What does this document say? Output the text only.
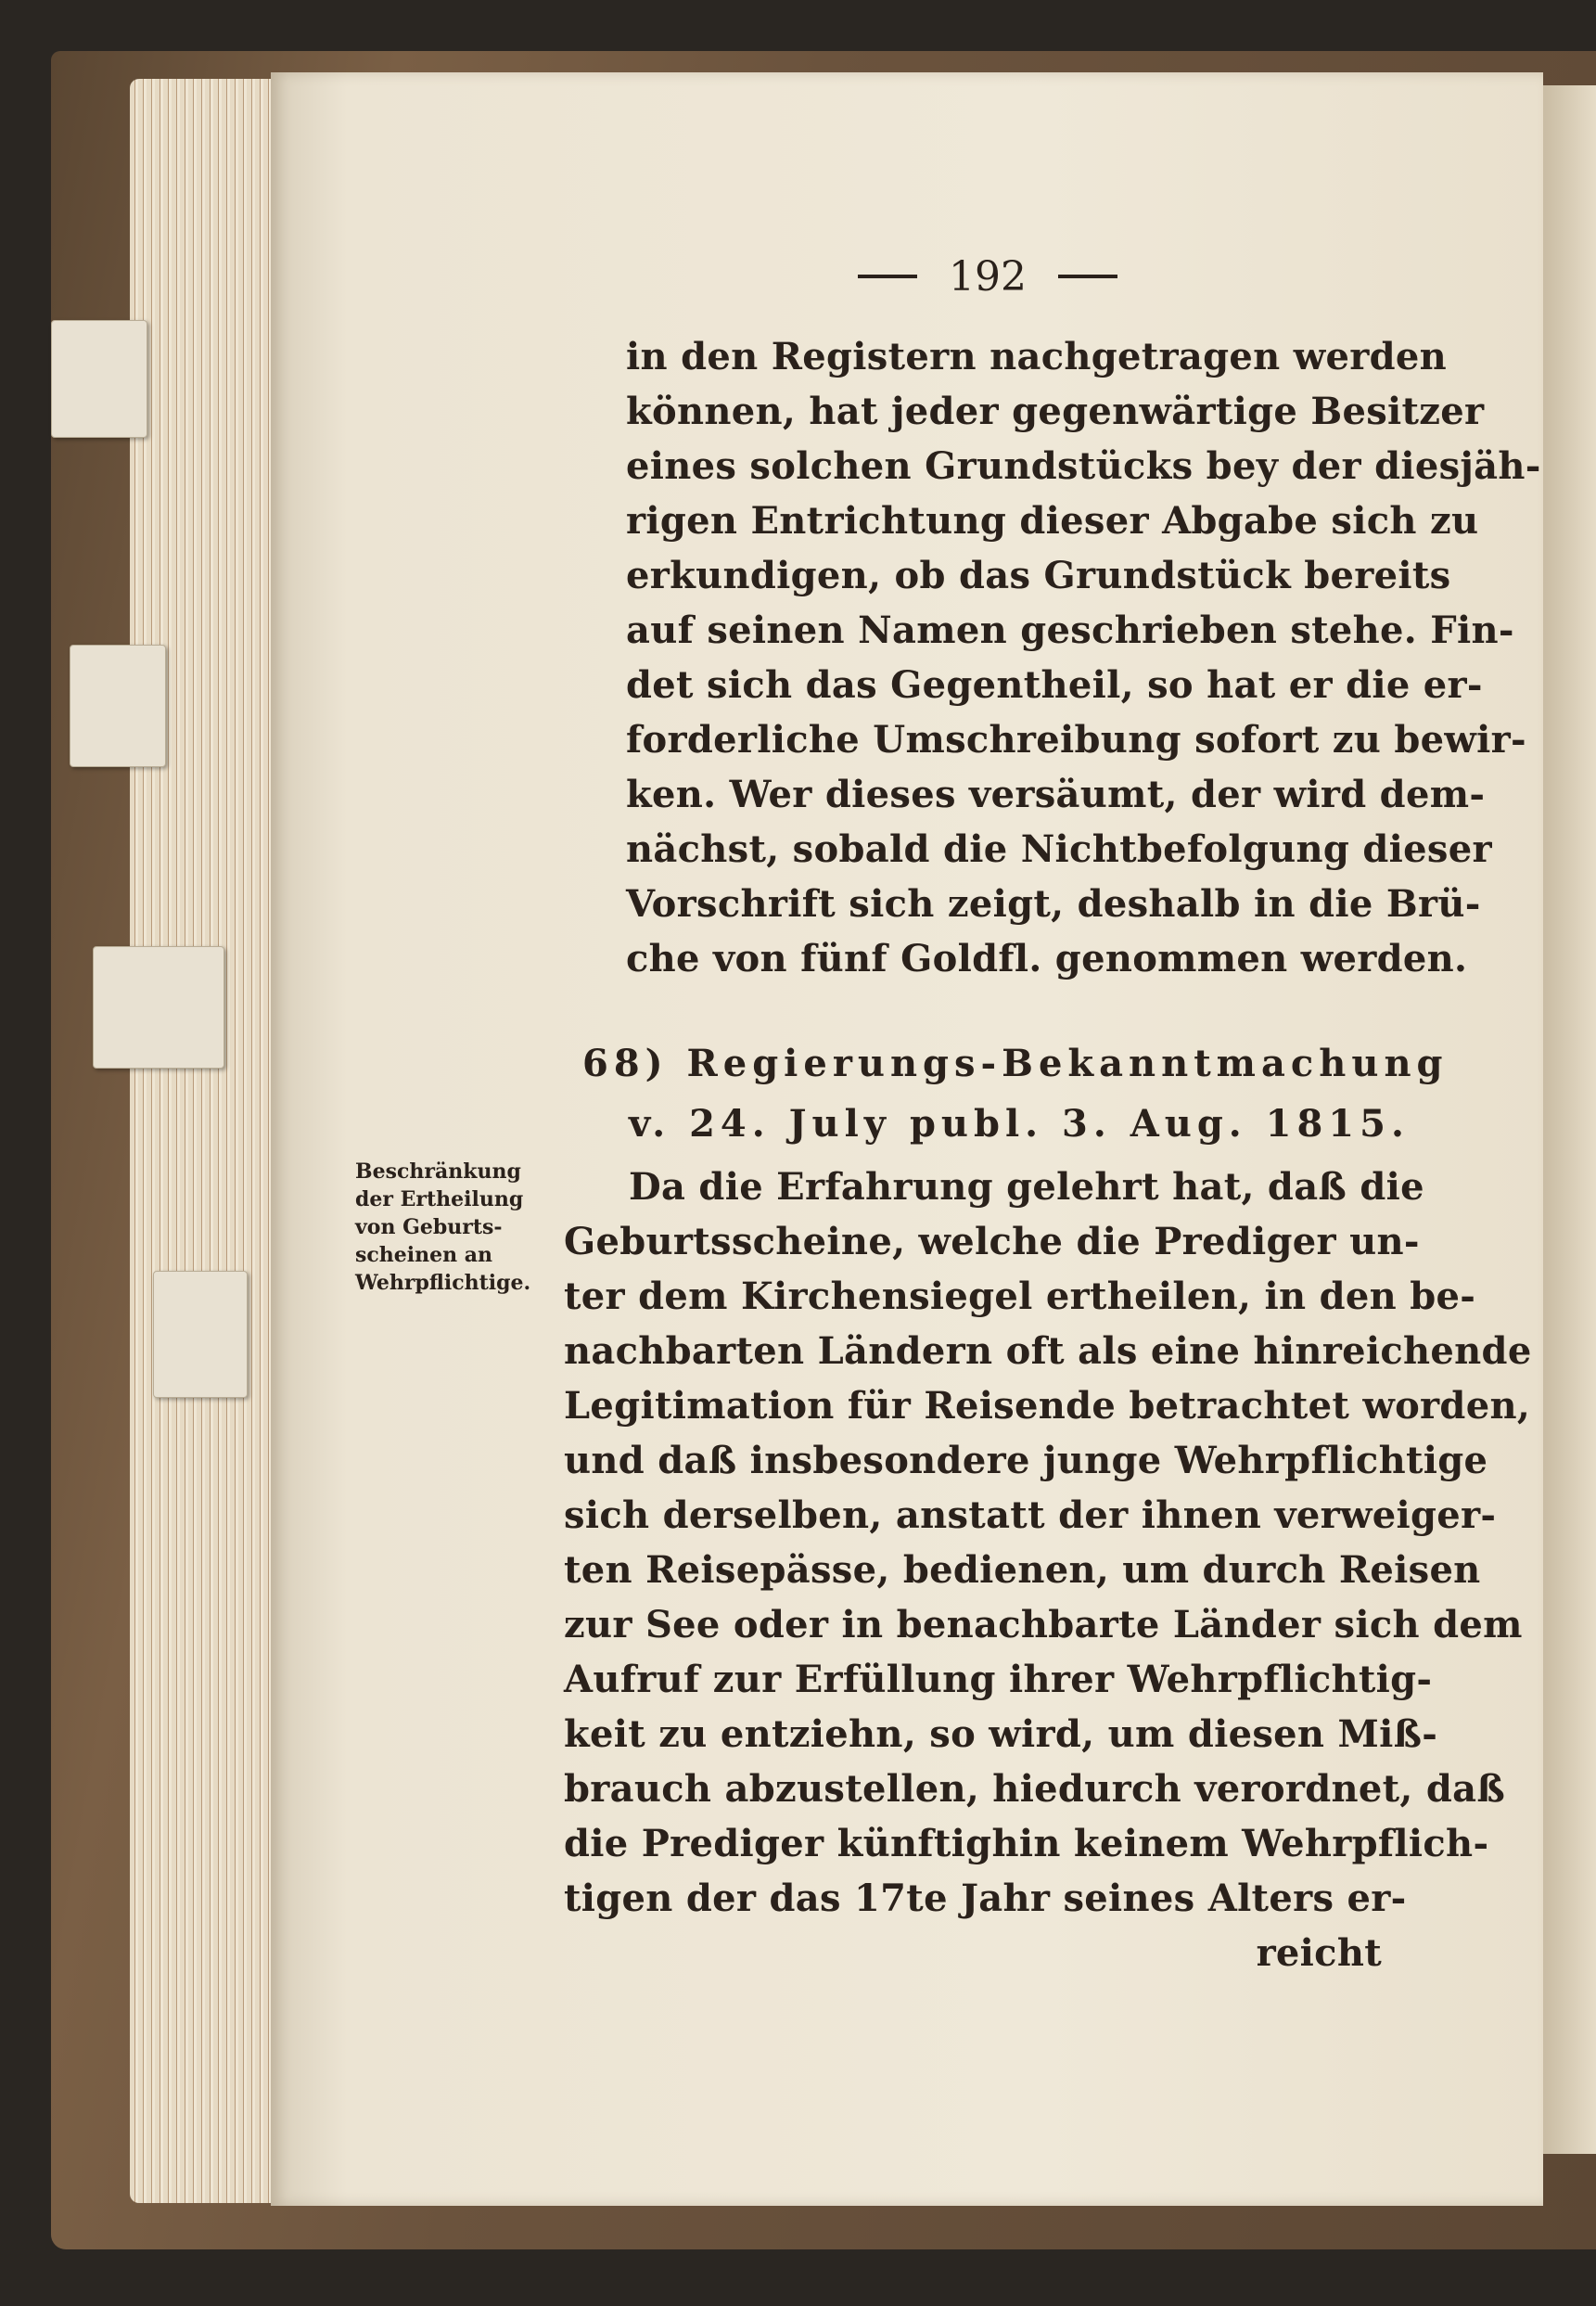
192
in den Registern nachgetragen werden
können, hat jeder gegenwärtige Besitzer
eines solchen Grundstücks bey der diesjäh-
rigen Entrichtung dieser Abgabe sich zu
erkundigen, ob das Grundstück bereits
auf seinen Namen geschrieben stehe. Fin-
det sich das Gegentheil, so hat er die er-
forderliche Umschreibung sofort zu bewir-
ken. Wer dieses versäumt, der wird dem-
nächst, sobald die Nichtbefolgung dieser
Vorschrift sich zeigt, deshalb in die Brü-
che von fünf Goldfl. genommen werden.
68) Regierungs-Bekanntmachung
v. 24. July publ. 3. Aug. 1815.
Beschränkung
der Ertheilung
von Geburts-
scheinen an
Wehrpflichtige.
Da die Erfahrung gelehrt hat, daß die
Geburtsscheine, welche die Prediger un-
ter dem Kirchensiegel ertheilen, in den be-
nachbarten Ländern oft als eine hinreichende
Legitimation für Reisende betrachtet worden,
und daß insbesondere junge Wehrpflichtige
sich derselben, anstatt der ihnen verweiger-
ten Reisepässe, bedienen, um durch Reisen
zur See oder in benachbarte Länder sich dem
Aufruf zur Erfüllung ihrer Wehrpflichtig-
keit zu entziehn, so wird, um diesen Miß-
brauch abzustellen, hiedurch verordnet, daß
die Prediger künftighin keinem Wehrpflich-
tigen der das 17te Jahr seines Alters er-
reicht
